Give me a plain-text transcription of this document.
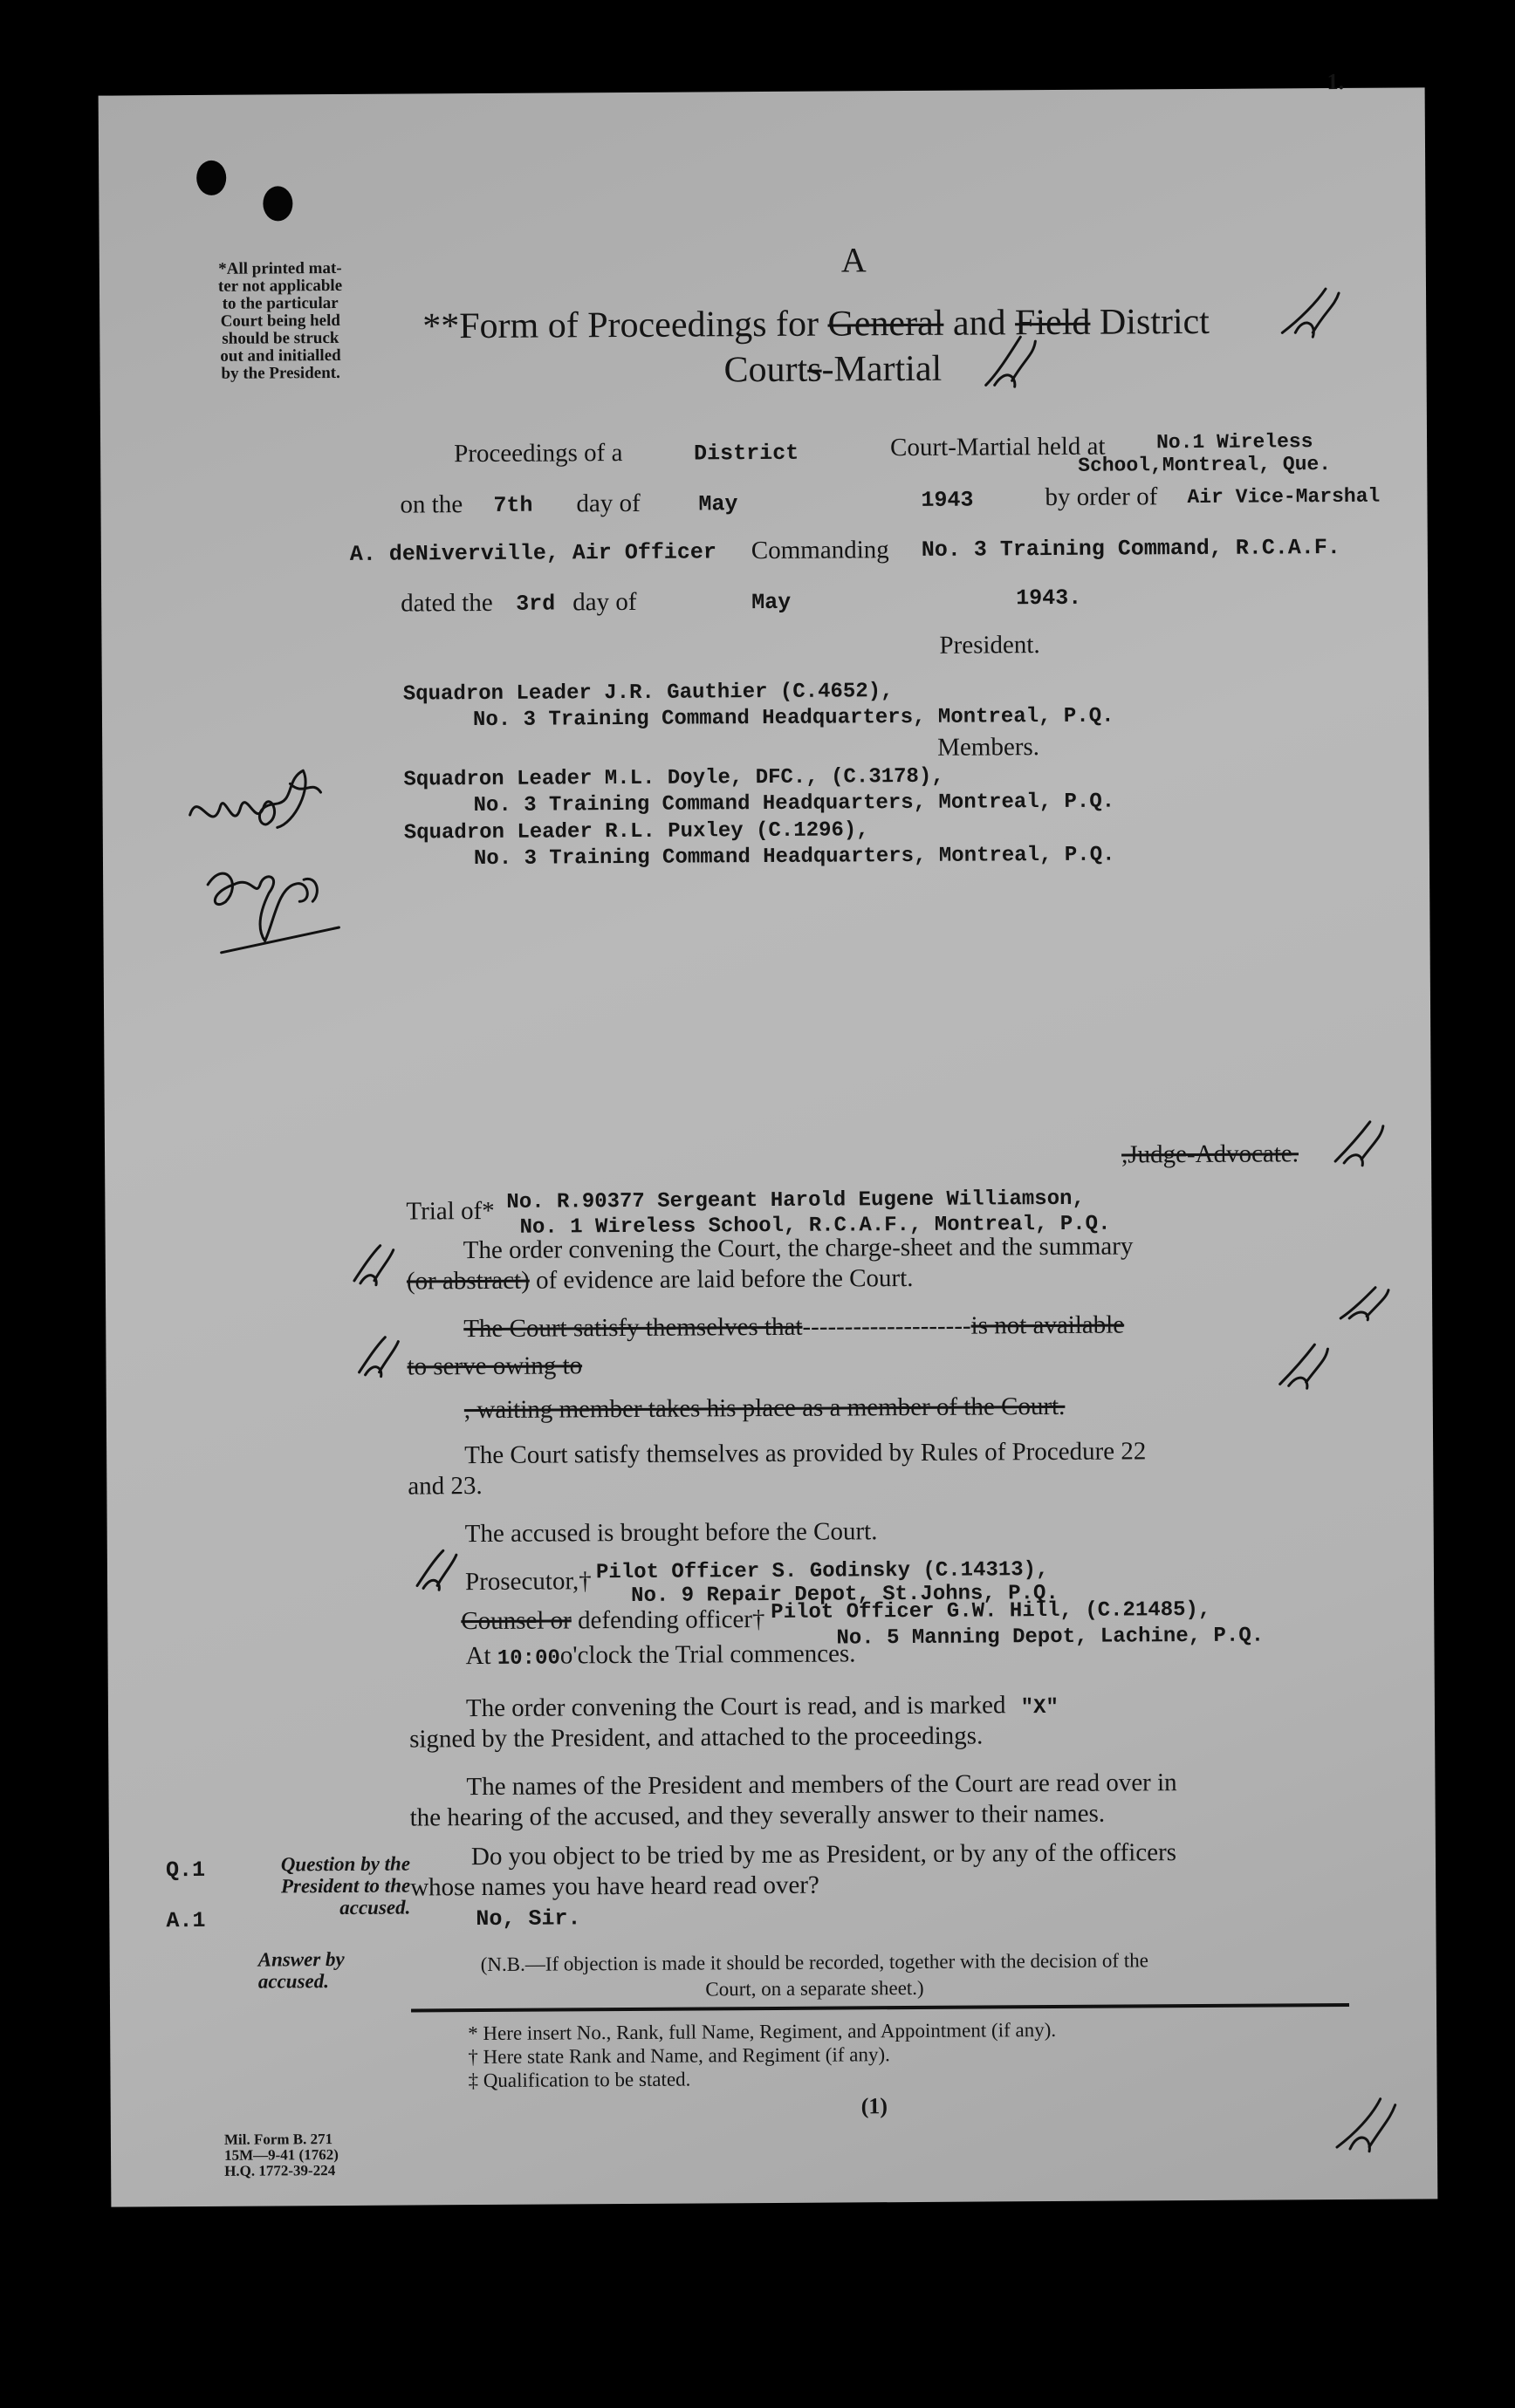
1.
*All printed mat-
ter not applicable
to the particular
Court being held
should be struck
out and initialled
by the President.
A
**Form of Proceedings for General and Field District
Courts-Martial
Proceedings of a	District	Court-Martial held at	No.1 Wireless
School,Montreal, Que.
on the 7th day of	May	1943	by order of Air Vice-Marshal
A. deNiverville, Air Officer Commanding No. 3 Training Command, R.C.A.F.
dated the 3rd day of	May	1943.
President.
Squadron Leader J.R. Gauthier (C.4652),
No. 3 Training Command Headquarters, Montreal, P.Q.
Members.
Squadron Leader M.L. Doyle, DFC., (C.3178),
No. 3 Training Command Headquarters, Montreal, P.Q.
Squadron Leader R.L. Puxley (C.1296),
No. 3 Training Command Headquarters, Montreal, P.Q.
,Judge-Advocate.
Trial of* No. R.90377 Sergeant Harold Eugene Williamson,
No. 1 Wireless School, R.C.A.F., Montreal, P.Q.
The order convening the Court, the charge-sheet and the summary
(or abstract) of evidence are laid before the Court.
The Court satisfy themselves that--------------------is not available
to serve owing to
, waiting member takes his place as a member of the Court.
The Court satisfy themselves as provided by Rules of Procedure 22
and 23.
The accused is brought before the Court.
Prosecutor,† Pilot Officer S. Godinsky (C.14313),
No. 9 Repair Depot, St.Johns, P.Q.
Counsel or defending officer† Pilot Officer G.W. Hill, (C.21485),
No. 5 Manning Depot, Lachine, P.Q.
At 10:00o'clock the Trial commences.
The order convening the Court is read, and is marked "X"
signed by the President, and attached to the proceedings.
The names of the President and members of the Court are read over in
the hearing of the accused, and they severally answer to their names.
Q.1	Question by the
President to the
accused.
Do you object to be tried by me as President, or by any of the officers
whose names you have heard read over?
A.1	No, Sir.
Answer by
accused.
(N.B.—If objection is made it should be recorded, together with the decision of the
Court, on a separate sheet.)
* Here insert No., Rank, full Name, Regiment, and Appointment (if any).
† Here state Rank and Name, and Regiment (if any).
‡ Qualification to be stated.
(1)
Mil. Form B. 271
15M—9-41 (1762)
H.Q. 1772-39-224
